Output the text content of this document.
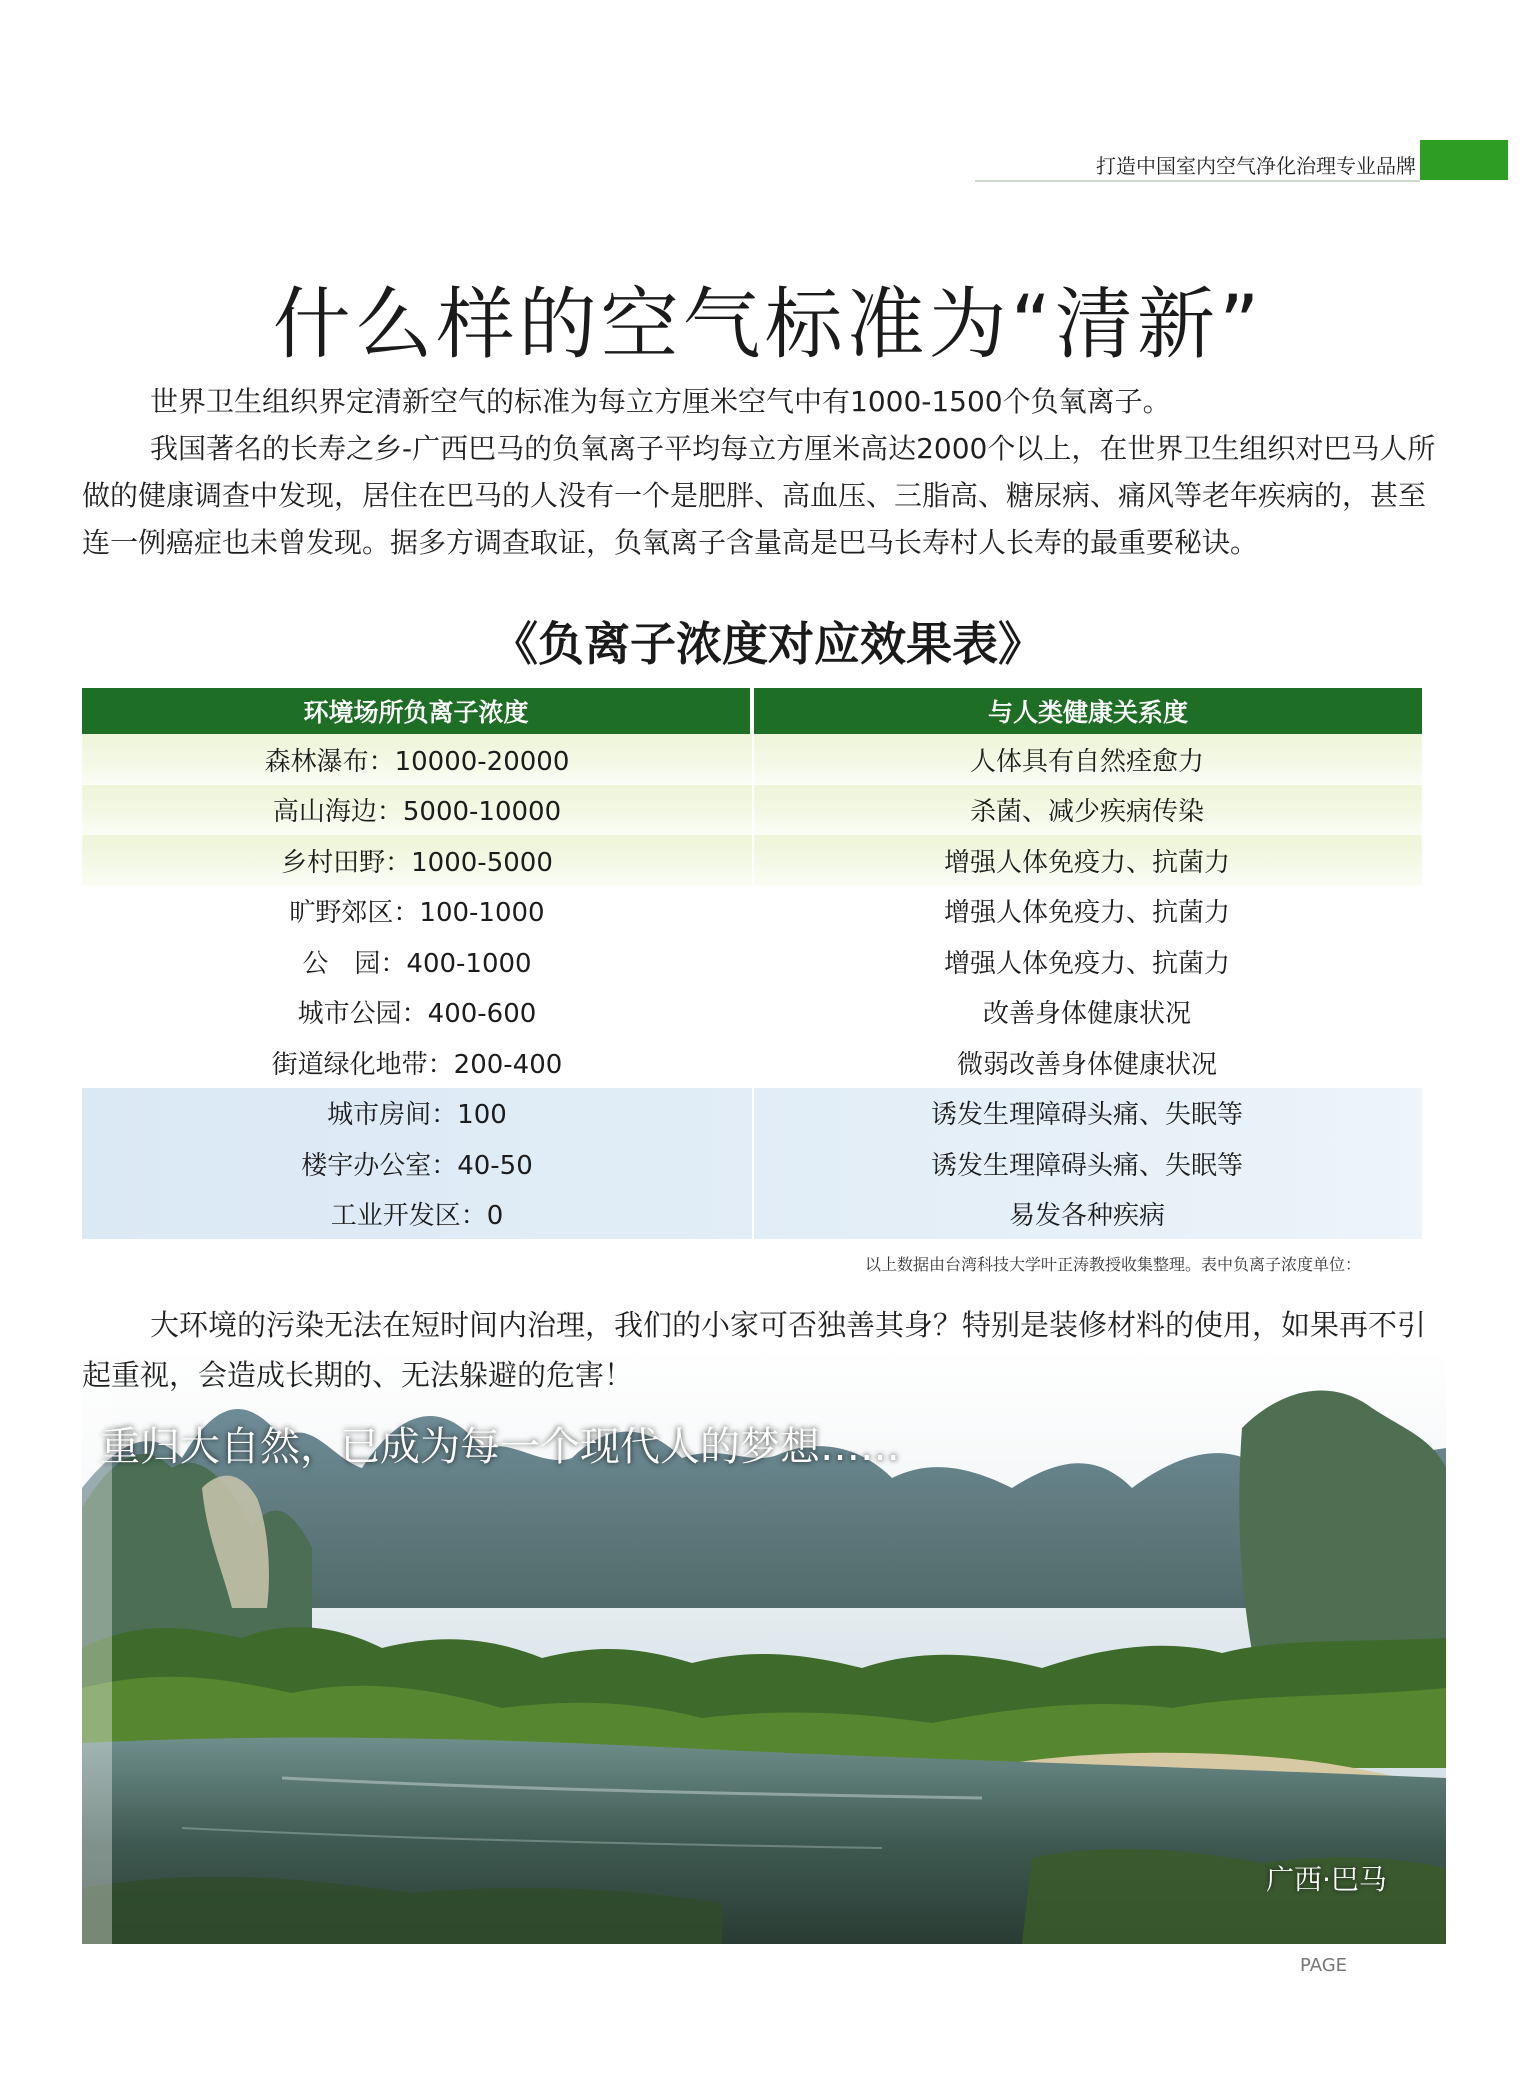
打造中国室内空气净化治理专业品牌
什么样的空气标准为“清新”

世界卫生组织界定清新空气的标准为每立方厘米空气中有1000-1500个负氧离子。

我国著名的长寿之乡-广西巴马的负氧离子平均每立方厘米高达2000个以上，在世界卫生组织对巴马人所做的健康调查中发现，居住在巴马的人没有一个是肥胖、高血压、三脂高、糖尿病、痛风等老年疾病的，甚至连一例癌症也未曾发现。据多方调查取证，负氧离子含量高是巴马长寿村人长寿的最重要秘诀。

《负离子浓度对应效果表》
环境场所负离子浓度	与人类健康关系度
森林瀑布：10000-20000	人体具有自然痊愈力
高山海边：5000-10000	杀菌、减少疾病传染
乡村田野：1000-5000	增强人体免疫力、抗菌力
旷野郊区：100-1000	增强人体免疫力、抗菌力
公　园：400-1000	增强人体免疫力、抗菌力
城市公园：400-600	改善身体健康状况
街道绿化地带：200-400	微弱改善身体健康状况
城市房间：100	诱发生理障碍头痛、失眠等
楼宇办公室：40-50	诱发生理障碍头痛、失眠等
工业开发区：0	易发各种疾病
以上数据由台湾科技大学叶正涛教授收集整理。表中负离子浓度单位：

大环境的污染无法在短时间内治理，我们的小家可否独善其身？特别是装修材料的使用，如果再不引起重视，会造成长期的、无法躲避的危害！

重归大自然，已成为每一个现代人的梦想……
广西·巴马
PAGE
